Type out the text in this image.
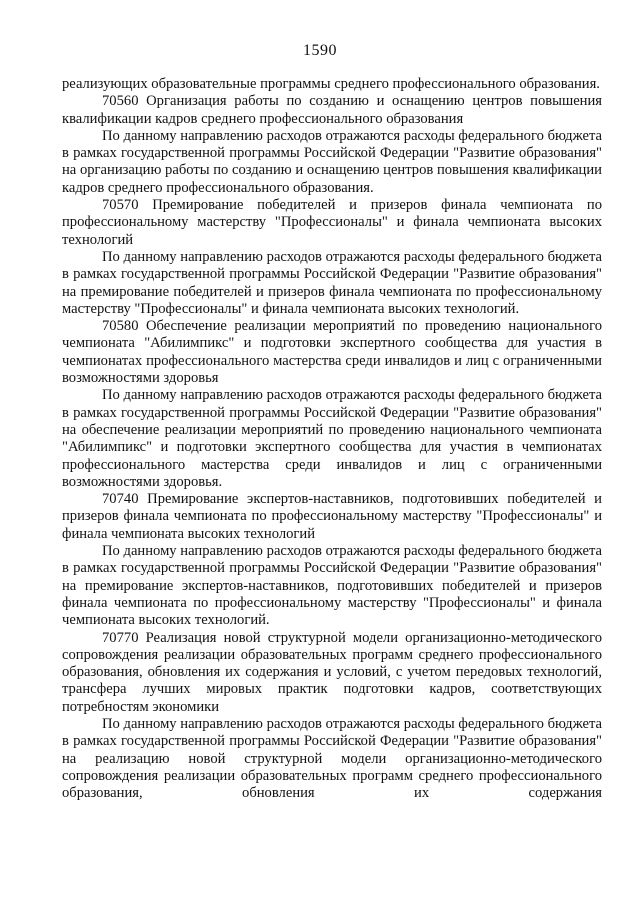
1590

реализующих образовательные программы среднего профессионального образования.

70560 Организация работы по созданию и оснащению центров повышения квалификации кадров среднего профессионального образования

По данному направлению расходов отражаются расходы федерального бюджета в рамках государственной программы Российской Федерации "Развитие образования" на организацию работы по созданию и оснащению центров повышения квалификации кадров среднего профессионального образования.

70570 Премирование победителей и призеров финала чемпионата по профессиональному мастерству "Профессионалы" и финала чемпионата высоких технологий

По данному направлению расходов отражаются расходы федерального бюджета в рамках государственной программы Российской Федерации "Развитие образования" на премирование победителей и призеров финала чемпионата по профессиональному мастерству "Профессионалы" и финала чемпионата высоких технологий.

70580 Обеспечение реализации мероприятий по проведению национального чемпионата "Абилимпикс" и подготовки экспертного сообщества для участия в чемпионатах профессионального мастерства среди инвалидов и лиц с ограниченными возможностями здоровья

По данному направлению расходов отражаются расходы федерального бюджета в рамках государственной программы Российской Федерации "Развитие образования" на обеспечение реализации мероприятий по проведению национального чемпионата "Абилимпикс" и подготовки экспертного сообщества для участия в чемпионатах профессионального мастерства среди инвалидов и лиц с ограниченными возможностями здоровья.

70740 Премирование экспертов-наставников, подготовивших победителей и призеров финала чемпионата по профессиональному мастерству "Профессионалы" и финала чемпионата высоких технологий

По данному направлению расходов отражаются расходы федерального бюджета в рамках государственной программы Российской Федерации "Развитие образования" на премирование экспертов-наставников, подготовивших победителей и призеров финала чемпионата по профессиональному мастерству "Профессионалы" и финала чемпионата высоких технологий.

70770 Реализация новой структурной модели организационно-методического сопровождения реализации образовательных программ среднего профессионального образования, обновления их содержания и условий, с учетом передовых технологий, трансфера лучших мировых практик подготовки кадров, соответствующих потребностям экономики

По данному направлению расходов отражаются расходы федерального бюджета в рамках государственной программы Российской Федерации "Развитие образования" на реализацию новой структурной модели организационно-методического сопровождения реализации образовательных программ среднего профессионального образования, обновления их содержания
